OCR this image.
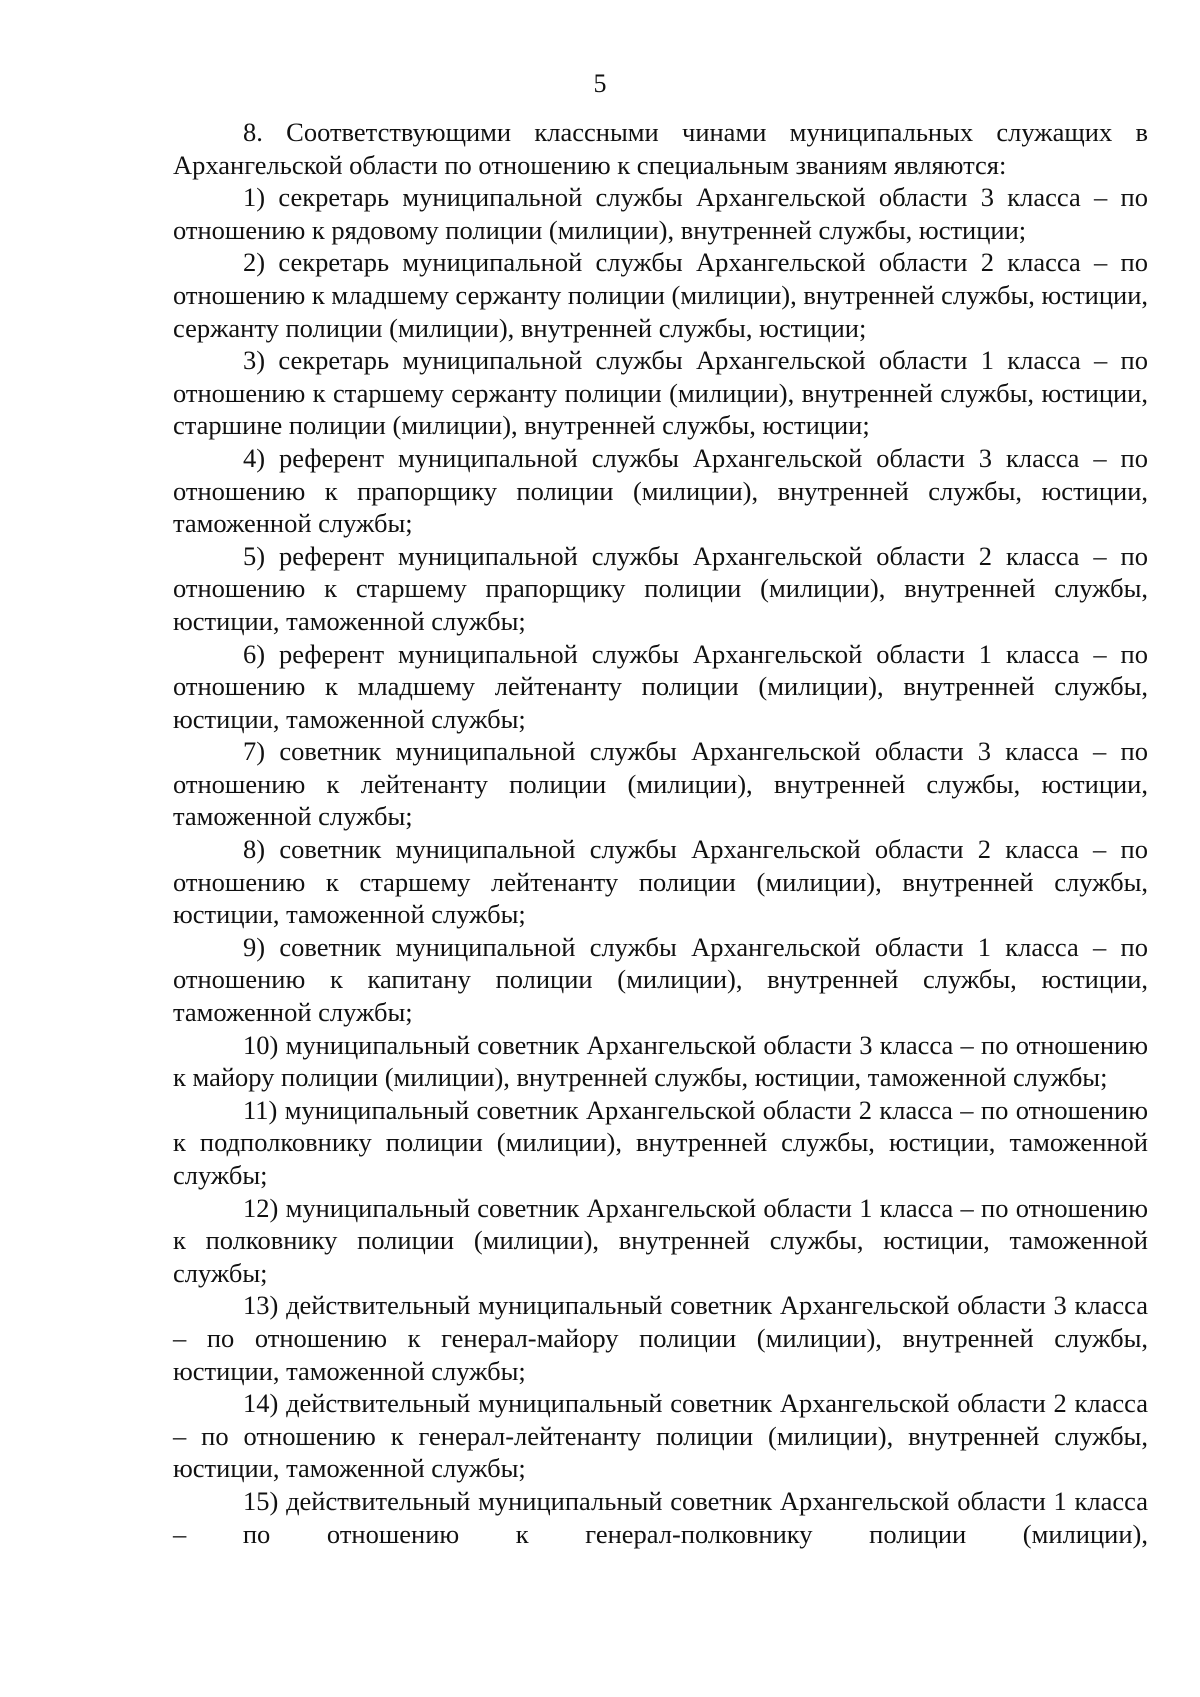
5

8. Соответствующими классными чинами муниципальных служащих в Архангельской области по отношению к специальным званиям являются:

1) секретарь муниципальной службы Архангельской области 3 класса – по отношению к рядовому полиции (милиции), внутренней службы, юстиции;

2) секретарь муниципальной службы Архангельской области 2 класса – по отношению к младшему сержанту полиции (милиции), внутренней службы, юстиции, сержанту полиции (милиции), внутренней службы, юстиции;

3) секретарь муниципальной службы Архангельской области 1 класса – по отношению к старшему сержанту полиции (милиции), внутренней службы, юстиции, старшине полиции (милиции), внутренней службы, юстиции;

4) референт муниципальной службы Архангельской области 3 класса – по отношению к прапорщику полиции (милиции), внутренней службы, юстиции, таможенной службы;

5) референт муниципальной службы Архангельской области 2 класса – по отношению к старшему прапорщику полиции (милиции), внутренней службы, юстиции, таможенной службы;

6) референт муниципальной службы Архангельской области 1 класса – по отношению к младшему лейтенанту полиции (милиции), внутренней службы, юстиции, таможенной службы;

7) советник муниципальной службы Архангельской области 3 класса – по отношению к лейтенанту полиции (милиции), внутренней службы, юстиции, таможенной службы;

8) советник муниципальной службы Архангельской области 2 класса – по отношению к старшему лейтенанту полиции (милиции), внутренней службы, юстиции, таможенной службы;

9) советник муниципальной службы Архангельской области 1 класса – по отношению к капитану полиции (милиции), внутренней службы, юстиции, таможенной службы;

10) муниципальный советник Архангельской области 3 класса – по отношению к майору полиции (милиции), внутренней службы, юстиции, таможенной службы;

11) муниципальный советник Архангельской области 2 класса – по отношению к подполковнику полиции (милиции), внутренней службы, юстиции, таможенной службы;

12) муниципальный советник Архангельской области 1 класса – по отношению к полковнику полиции (милиции), внутренней службы, юстиции, таможенной службы;

13) действительный муниципальный советник Архангельской области 3 класса – по отношению к генерал-майору полиции (милиции), внутренней службы, юстиции, таможенной службы;

14) действительный муниципальный советник Архангельской области 2 класса – по отношению к генерал-лейтенанту полиции (милиции), внутренней службы, юстиции, таможенной службы;

15) действительный муниципальный советник Архангельской области 1 класса – по отношению к генерал-полковнику полиции (милиции),
